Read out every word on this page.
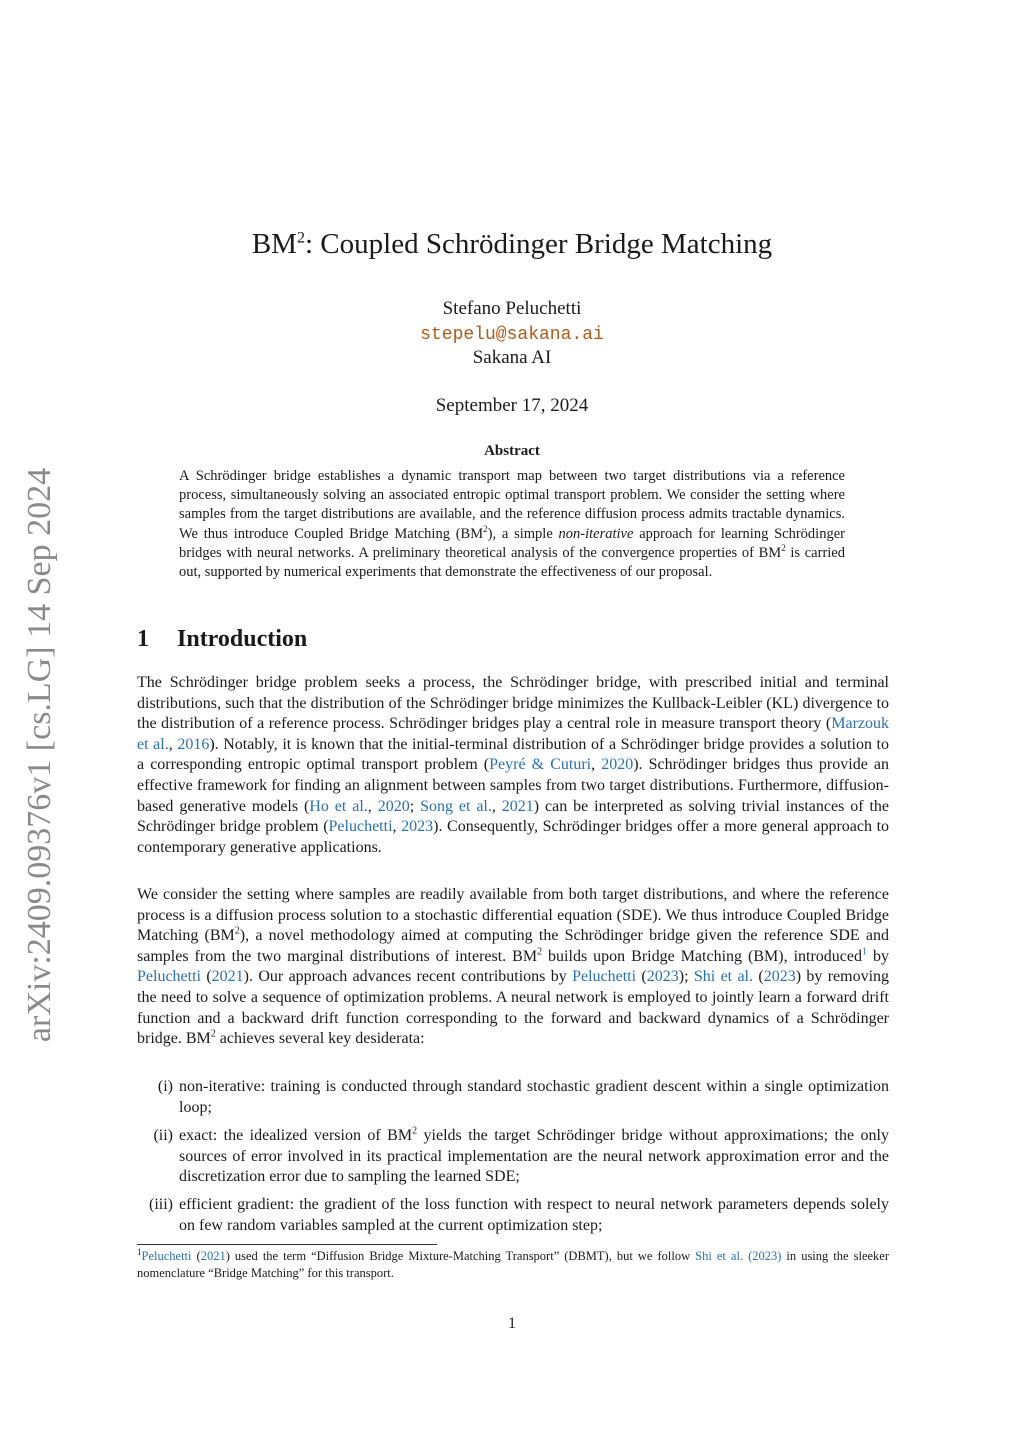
arXiv:2409.09376v1 [cs.LG] 14 Sep 2024
$BM^2$: Coupled Schrödinger Bridge Matching
Stefano Peluchetti
stepelu@sakana.ai
Sakana AI
September 17, 2024
Abstract
A Schrödinger bridge establishes a dynamic transport map between two target distributions via a reference process, simultaneously solving an associated entropic optimal transport problem. We consider the setting where samples from the target distributions are available, and the reference diffusion process admits tractable dynamics. We thus introduce Coupled Bridge Matching $(BM^2)$, a simple non-iterative approach for learning Schrödinger bridges with neural networks. A preliminary theoretical analysis of the convergence properties of $BM^2$ is carried out, supported by numerical experiments that demonstrate the effectiveness of our proposal.
1 Introduction
The Schrödinger bridge problem seeks a process, the Schrödinger bridge, with prescribed initial and terminal distributions, such that the distribution of the Schrödinger bridge minimizes the Kullback-Leibler (KL) divergence to the distribution of a reference process. Schrödinger bridges play a central role in measure transport theory (Marzouk et al., 2016). Notably, it is known that the initial-terminal distribution of a Schrödinger bridge provides a solution to a corresponding entropic optimal transport problem (Peyré & Cuturi, 2020). Schrödinger bridges thus provide an effective framework for finding an alignment between samples from two target distributions. Furthermore, diffusion-based generative models (Ho et al., 2020; Song et al., 2021) can be interpreted as solving trivial instances of the Schrödinger bridge problem (Peluchetti, 2023). Consequently, Schrödinger bridges offer a more general approach to contemporary generative applications.
We consider the setting where samples are readily available from both target distributions, and where the reference process is a diffusion process solution to a stochastic differential equation (SDE). We thus introduce Coupled Bridge Matching $(BM^2)$, a novel methodology aimed at computing the Schrödinger bridge given the reference SDE and samples from the two marginal distributions of interest. $BM^2$ builds upon Bridge Matching (BM), introduced$^1$ by Peluchetti (2021). Our approach advances recent contributions by Peluchetti (2023); Shi et al. (2023) by removing the need to solve a sequence of optimization problems. A neural network is employed to jointly learn a forward drift function and a backward drift function corresponding to the forward and backward dynamics of a Schrödinger bridge. $BM^2$ achieves several key desiderata:
(i) non-iterative: training is conducted through standard stochastic gradient descent within a single optimization loop;
(ii) exact: the idealized version of $BM^2$ yields the target Schrödinger bridge without approximations; the only sources of error involved in its practical implementation are the neural network approximation error and the discretization error due to sampling the learned SDE;
(iii) efficient gradient: the gradient of the loss function with respect to neural network parameters depends solely on few random variables sampled at the current optimization step;
$^1$Peluchetti (2021) used the term “Diffusion Bridge Mixture-Matching Transport” (DBMT), but we follow Shi et al. (2023) in using the sleeker nomenclature “Bridge Matching” for this transport.
1
